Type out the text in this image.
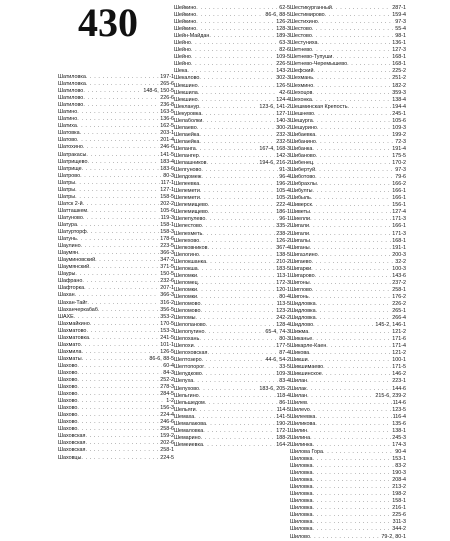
430
Шатиловка . . .	197-1
Шатиловка . . .	265-6
Шатилово . . .	148-6, 150-5
Шатилово . . .	226-6
Шатилово . . .	236-8
Шатино . . .	163-5
Шатино . . .	136-6
Шатиха . . .	162-5
Шатовка . . .	203-1
Шатово . . .	201-4
Шатохино . . .	246-6
Шатракасы . . .	141-5
Шатрищево . . .	183-4
Шатрище . . .	183-6
Шатрово . . .	80-3
Шатры . . .	117-1
Шатры . . .	127-1
Шатры . . .	158-5
Шатск 2-й . . .	202-2
Шатташкем . . .	105-6
Шатуново . . .	119-3
Шатура . . .	158-1
Шатурторф . . .	158-3
Шатунь . . .	178-6
Шаулино . . .	223-5
Шаумян . . .	366-3
Шауминовский . . .	347-2
Шаумянский . . .	371-5
Шауры . . .	150-5
Шафрано . . .	232-6
Шафторка . . .	207-1
Шахан . . .	366-3
Шахан-Тайг . . .	316-2
Шаханчеркабаб . . .	356-5
ШАХЕ . . .	353-2
Шахмайкино . . .	170-5
Шахматово . . .	153-3
Шахматовка . . .	241-5
Шахмато . . .	101-1
Шахмила . . .	126-5
Шахматы . . .	86-6, 88-5
Шахово . . .	60-4
Шахово . . .	84-3
Шахово . . .	252-2
Шахово . . .	278-3
Шахово . . .	284-5
Шахово . . .	1-2
Шахово . . .	156-3
Шахово . . .	224-4
Шахово . . .	246-6
Шахово . . .	258-6
Шаховская . . .	159-2
Шаховская . . .	202-6
Шаховская . . .	258-1
Шаховцы . . .	224-5
Шейкино . . .	62-5
Шейкино . . .	86-6, 88-5
Шейкино . . .	126-2
Шейкино . . .	128-3
Шейн-Майдан . . .	189-3
Шейно . . .	63-3
Шейно . . .	82-6
Шейно . . .	109-5
Шейно . . .	226-5
Шека . . .	143-2
Шекалово . . .	302-3
Шекшино . . .	126-5
Шекшила . . .	42-6
Шекшино . . .	124-4
Шекланур . . .	123-6, 141-2
Шекуровка . . .	127-1
Шелаболки . . .	140-3
Шелаево . . .	300-2
Шелаейка . . .	232-3
Шелаейка . . .	232-5
Шеланга . . .	167-4, 168-3
Шелангер . . .	142-3
Шелашников . . .	194-6, 216-2
Шелгуново . . .	91-3
Шелдомеж . . .	96-4
Шелеевка . . .	196-2
Шелемети . . .	105-4
Шелемети . . .	105-2
Шелемищево . . .	222-4
Шелемищево . . .	186-1
Шелепулево . . .	96-1
Шелестово . . .	335-2
Шелехметь . . .	238-2
Шелехово . . .	126-2
Шелковников . . .	367-4
Шелогино . . .	138-5
Шелокшанка . . .	210-2
Шелокша . . .	183-5
Шеломки . . .	113-1
Шеломец . . .	172-3
Шеломки . . .	120-1
Шеломки . . .	80-4
Шеломово . . .	113-5
Шеломово . . .	123-2
Шеломы . . .	242-2
Шелопаново . . .	128-4
Шелопугино . . .	65-4, 74-3
Шелохань . . .	80-3
Шелохи . . .	177-5
Шелоховская . . .	87-4
Шелтозеро . . .	44-6, 54-2
Шелтопорог . . .	33-5
Шелудково . . .	109-3
Шелуха . . .	83-4
Шелухово . . .	183-6, 205-2
Шельгино . . .	118-4
Шельшедом . . .	86-1
Шельяги . . .	114-5
Шемаха . . .	141-5
Шемалакова . . .	190-2
Шемаловка . . .	172-1
Шемарино . . .	188-2
Шемеиевка . . .	164-2
Шестикурганный . . .	287-1
Шестимирово . . .	159-4
Шестихино . . .	97-3
Шестово . . .	55-4
Шестово . . .	98-1
Шестуниха . . .	136-1
Шетнево . . .	127-3
Шетнево-Тупуши . . .	168-1
Шетнево-Черемышево . . .	168-1
Шефский . . .	225-2
Шехмань . . .	251-2
Шехмино . . .	182-2
Шехоцов . . .	359-3
Шехонка . . .	138-4
Шешминская Крепость . . .	194-4
Шешнево . . .	245-1
Шешурга . . .	105-6
Шешурино . . .	109-3
Шибаевка . . .	199-2
Шибанино . . .	72-3
Шибанка . . .	191-4
Шибаново . . .	175-5
Шибенец . . .	170-2
Шибертуй . . .	97-3
Шиботово . . .	79-6
Шибрахлы . . .	166-2
Шибулгы . . .	166-1
Шибыль . . .	166-1
Шиверск . . .	156-1
Шиветы . . .	127-4
Шиелли . . .	171-3
Шигали . . .	166-1
Шигали . . .	171-3
Шигалы . . .	168-1
Шиганы . . .	191-1
Шигаэлино . . .	200-3
Шигаево . . .	32-2
Шигарки . . .	100-3
Шигарово . . .	143-6
Шигоны . . .	237-2
Шиглово . . .	258-1
Шигонь . . .	176-2
Шидловка . . .	226-2
Шидловка . . .	265-1
Шидловка . . .	266-4
Шидлово . . .	145-2, 146-1
Шижма . . .	121-2
Шиканье . . .	171-6
Шикарле-Каен . . .	171-4
Шикова . . .	121-2
Шикши . . .	100-1
Шикшимаево . . .	171-5
Шикшинское . . .	146-2
Шилан . . .	223-1
Шилак . . .	144-6
Шилан . . .	215-6, 239-2
Шилев . . .	114-6
Шилеvo . . .	123-5
Шилеевка . . .	116-4
Шиликова . . .	135-6
Шилин . . .	138-1
Шилина . . .	245-3
Шилинка . . .	174-3
Шилова Гора . . .	90-4
Шиловка . . .	153-1
Шиловка . . .	83-2
Шиловка . . .	190-3
Шиловка . . .	208-4
Шиловка . . .	213-2
Шиловка . . .	198-2
Шиловка . . .	158-1
Шиловка . . .	216-1
Шиловка . . .	225-6
Шиловка . . .	311-3
Шиловка . . .	344-2
Шилово . . .	79-2, 80-1
